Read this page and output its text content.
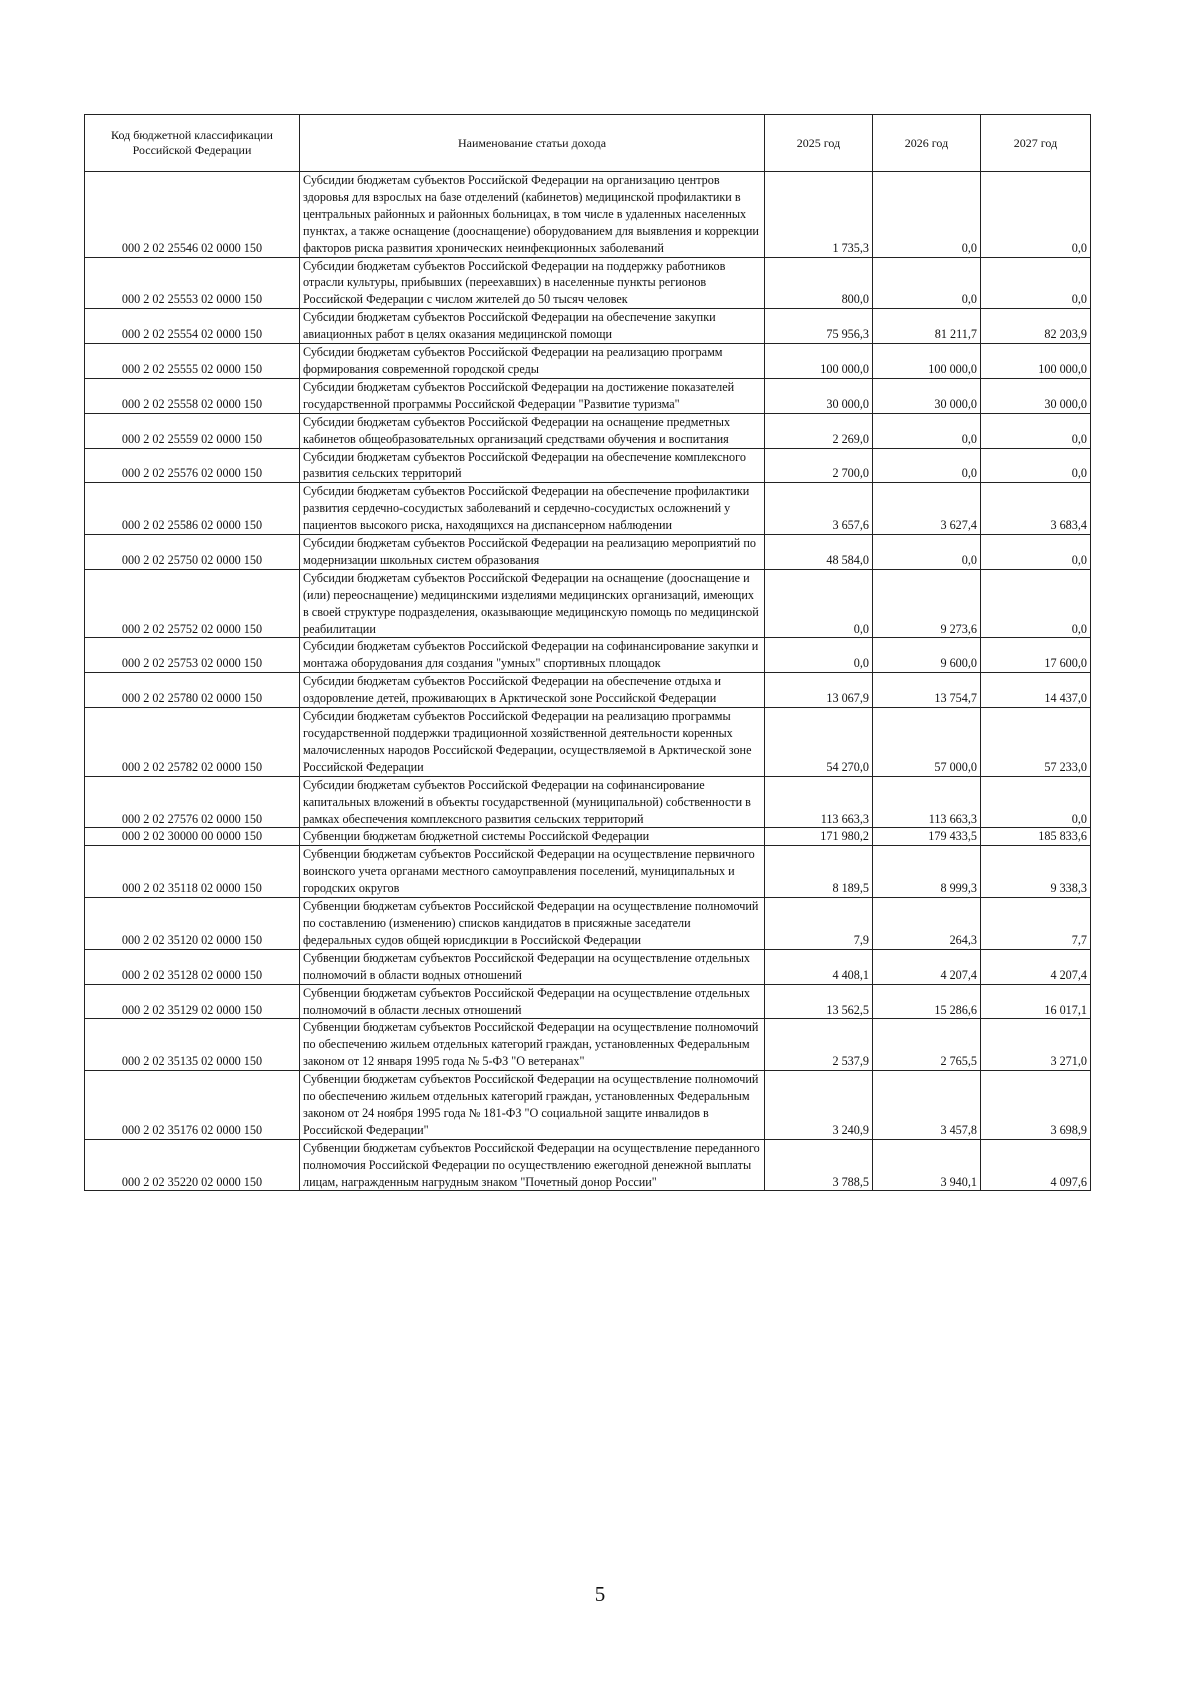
Код бюджетной классификации Российской Федерации	Наименование статьи дохода	2025 год	2026 год	2027 год
000 2 02 25546 02 0000 150	Субсидии бюджетам субъектов Российской Федерации на организацию центров здоровья для взрослых на базе отделений (кабинетов) медицинской профилактики в центральных районных и районных больницах, в том числе в удаленных населенных пунктах, а также оснащение (дооснащение) оборудованием для выявления и коррекции факторов риска развития хронических неинфекционных заболеваний	1 735,3	0,0	0,0
000 2 02 25553 02 0000 150	Субсидии бюджетам субъектов Российской Федерации на поддержку работников отрасли культуры, прибывших (переехавших) в населенные пункты регионов Российской Федерации с числом жителей до 50 тысяч человек	800,0	0,0	0,0
000 2 02 25554 02 0000 150	Субсидии бюджетам субъектов Российской Федерации на обеспечение закупки авиационных работ в целях оказания медицинской помощи	75 956,3	81 211,7	82 203,9
000 2 02 25555 02 0000 150	Субсидии бюджетам субъектов Российской Федерации на реализацию программ формирования современной городской среды	100 000,0	100 000,0	100 000,0
000 2 02 25558 02 0000 150	Субсидии бюджетам субъектов Российской Федерации на достижение показателей государственной программы Российской Федерации "Развитие туризма"	30 000,0	30 000,0	30 000,0
000 2 02 25559 02 0000 150	Субсидии бюджетам субъектов Российской Федерации на оснащение предметных кабинетов общеобразовательных организаций средствами обучения и воспитания	2 269,0	0,0	0,0
000 2 02 25576 02 0000 150	Субсидии бюджетам субъектов Российской Федерации на обеспечение комплексного развития сельских территорий	2 700,0	0,0	0,0
000 2 02 25586 02 0000 150	Субсидии бюджетам субъектов Российской Федерации на обеспечение профилактики развития сердечно-сосудистых заболеваний и сердечно-сосудистых осложнений у пациентов высокого риска, находящихся на диспансерном наблюдении	3 657,6	3 627,4	3 683,4
000 2 02 25750 02 0000 150	Субсидии бюджетам субъектов Российской Федерации на реализацию мероприятий по модернизации школьных систем образования	48 584,0	0,0	0,0
000 2 02 25752 02 0000 150	Субсидии бюджетам субъектов Российской Федерации на оснащение (дооснащение и (или) переоснащение) медицинскими изделиями медицинских организаций, имеющих в своей структуре подразделения, оказывающие медицинскую помощь по медицинской реабилитации	0,0	9 273,6	0,0
000 2 02 25753 02 0000 150	Субсидии бюджетам субъектов Российской Федерации на софинансирование закупки и монтажа оборудования для создания "умных" спортивных площадок	0,0	9 600,0	17 600,0
000 2 02 25780 02 0000 150	Субсидии бюджетам субъектов Российской Федерации на обеспечение отдыха и оздоровление детей, проживающих в Арктической зоне Российской Федерации	13 067,9	13 754,7	14 437,0
000 2 02 25782 02 0000 150	Субсидии бюджетам субъектов Российской Федерации на реализацию программы государственной поддержки традиционной хозяйственной деятельности коренных малочисленных народов Российской Федерации, осуществляемой в Арктической зоне Российской Федерации	54 270,0	57 000,0	57 233,0
000 2 02 27576 02 0000 150	Субсидии бюджетам субъектов Российской Федерации на софинансирование капитальных вложений в объекты государственной (муниципальной) собственности в рамках обеспечения комплексного развития сельских территорий	113 663,3	113 663,3	0,0
000 2 02 30000 00 0000 150	Субвенции бюджетам бюджетной системы Российской Федерации	171 980,2	179 433,5	185 833,6
000 2 02 35118 02 0000 150	Субвенции бюджетам субъектов Российской Федерации на осуществление первичного воинского учета органами местного самоуправления поселений, муниципальных и городских округов	8 189,5	8 999,3	9 338,3
000 2 02 35120 02 0000 150	Субвенции бюджетам субъектов Российской Федерации на осуществление полномочий по составлению (изменению) списков кандидатов в присяжные заседатели федеральных судов общей юрисдикции в Российской Федерации	7,9	264,3	7,7
000 2 02 35128 02 0000 150	Субвенции бюджетам субъектов Российской Федерации на осуществление отдельных полномочий в области водных отношений	4 408,1	4 207,4	4 207,4
000 2 02 35129 02 0000 150	Субвенции бюджетам субъектов Российской Федерации на осуществление отдельных полномочий в области лесных отношений	13 562,5	15 286,6	16 017,1
000 2 02 35135 02 0000 150	Субвенции бюджетам субъектов Российской Федерации на осуществление полномочий по обеспечению жильем отдельных категорий граждан, установленных Федеральным законом от 12 января 1995 года № 5-ФЗ "О ветеранах"	2 537,9	2 765,5	3 271,0
000 2 02 35176 02 0000 150	Субвенции бюджетам субъектов Российской Федерации на осуществление полномочий по обеспечению жильем отдельных категорий граждан, установленных Федеральным законом от 24 ноября 1995 года № 181-ФЗ "О социальной защите инвалидов в Российской Федерации"	3 240,9	3 457,8	3 698,9
000 2 02 35220 02 0000 150	Субвенции бюджетам субъектов Российской Федерации на осуществление переданного полномочия Российской Федерации по осуществлению ежегодной денежной выплаты лицам, награжденным нагрудным знаком "Почетный донор России"	3 788,5	3 940,1	4 097,6
5
